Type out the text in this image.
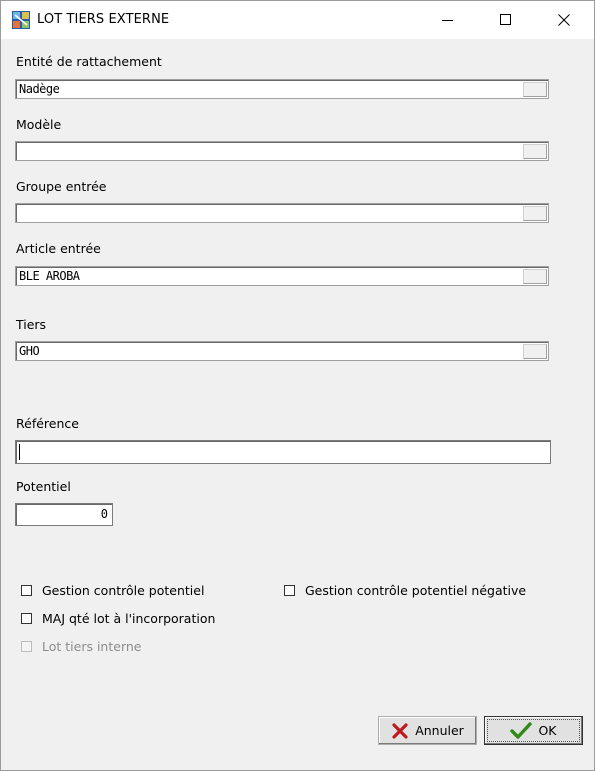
LOT TIERS EXTERNE
Entité de rattachement
Nadège
Modèle
Groupe entrée
Article entrée
BLE AROBA
Tiers
GHO
Référence
Potentiel
0
Gestion contrôle potentiel	Gestion contrôle potentiel négative
MAJ qté lot à l'incorporation
Lot tiers interne
Annuler	OK
